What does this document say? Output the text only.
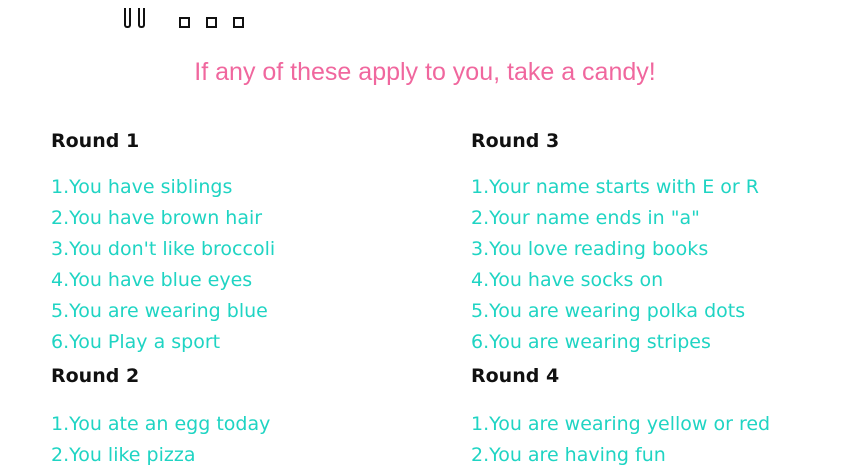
If any of these apply to you, take a candy!
Round 1
1.You have siblings
2.You have brown hair
3.You don't like broccoli
4.You have blue eyes
5.You are wearing blue
6.You Play a sport
Round 2
1.You ate an egg today
2.You like pizza
Round 3
1.Your name starts with E or R
2.Your name ends in "a"
3.You love reading books
4.You have socks on
5.You are wearing polka dots
6.You are wearing stripes
Round 4
1.You are wearing yellow or red
2.You are having fun
